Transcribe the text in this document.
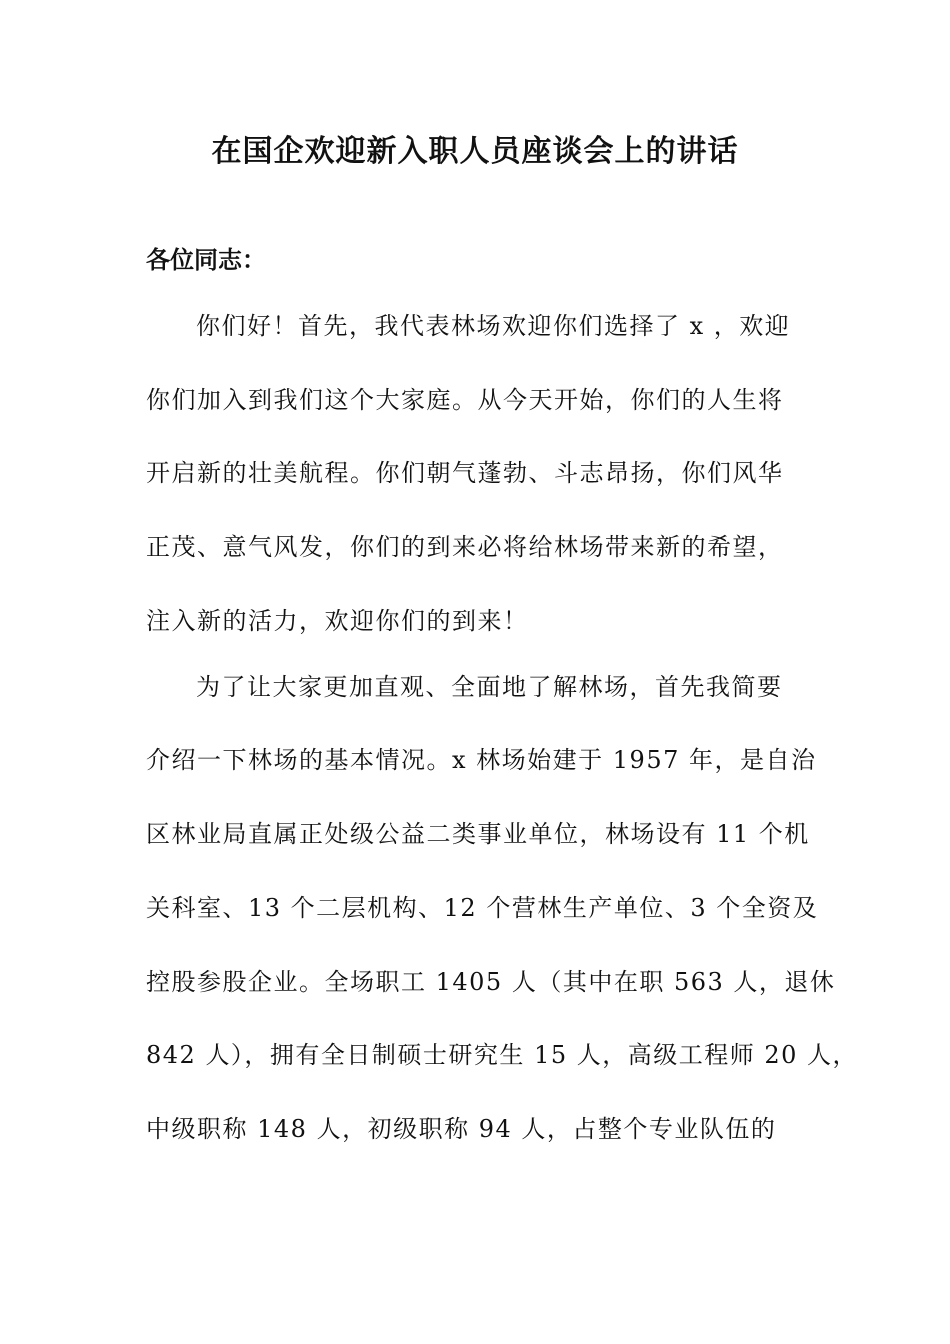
在国企欢迎新入职人员座谈会上的讲话
各位同志：
你们好！首先，我代表林场欢迎你们选择了 x ，欢迎
你们加入到我们这个大家庭。从今天开始，你们的人生将
开启新的壮美航程。你们朝气蓬勃、斗志昂扬，你们风华
正茂、意气风发，你们的到来必将给林场带来新的希望，
注入新的活力，欢迎你们的到来！
为了让大家更加直观、全面地了解林场，首先我简要
介绍一下林场的基本情况。x 林场始建于 1957 年，是自治
区林业局直属正处级公益二类事业单位，林场设有 11 个机
关科室、13 个二层机构、12 个营林生产单位、3 个全资及
控股参股企业。全场职工 1405 人（其中在职 563 人，退休
842 人），拥有全日制硕士研究生 15 人，高级工程师 20 人，
中级职称 148 人，初级职称 94 人，占整个专业队伍的
